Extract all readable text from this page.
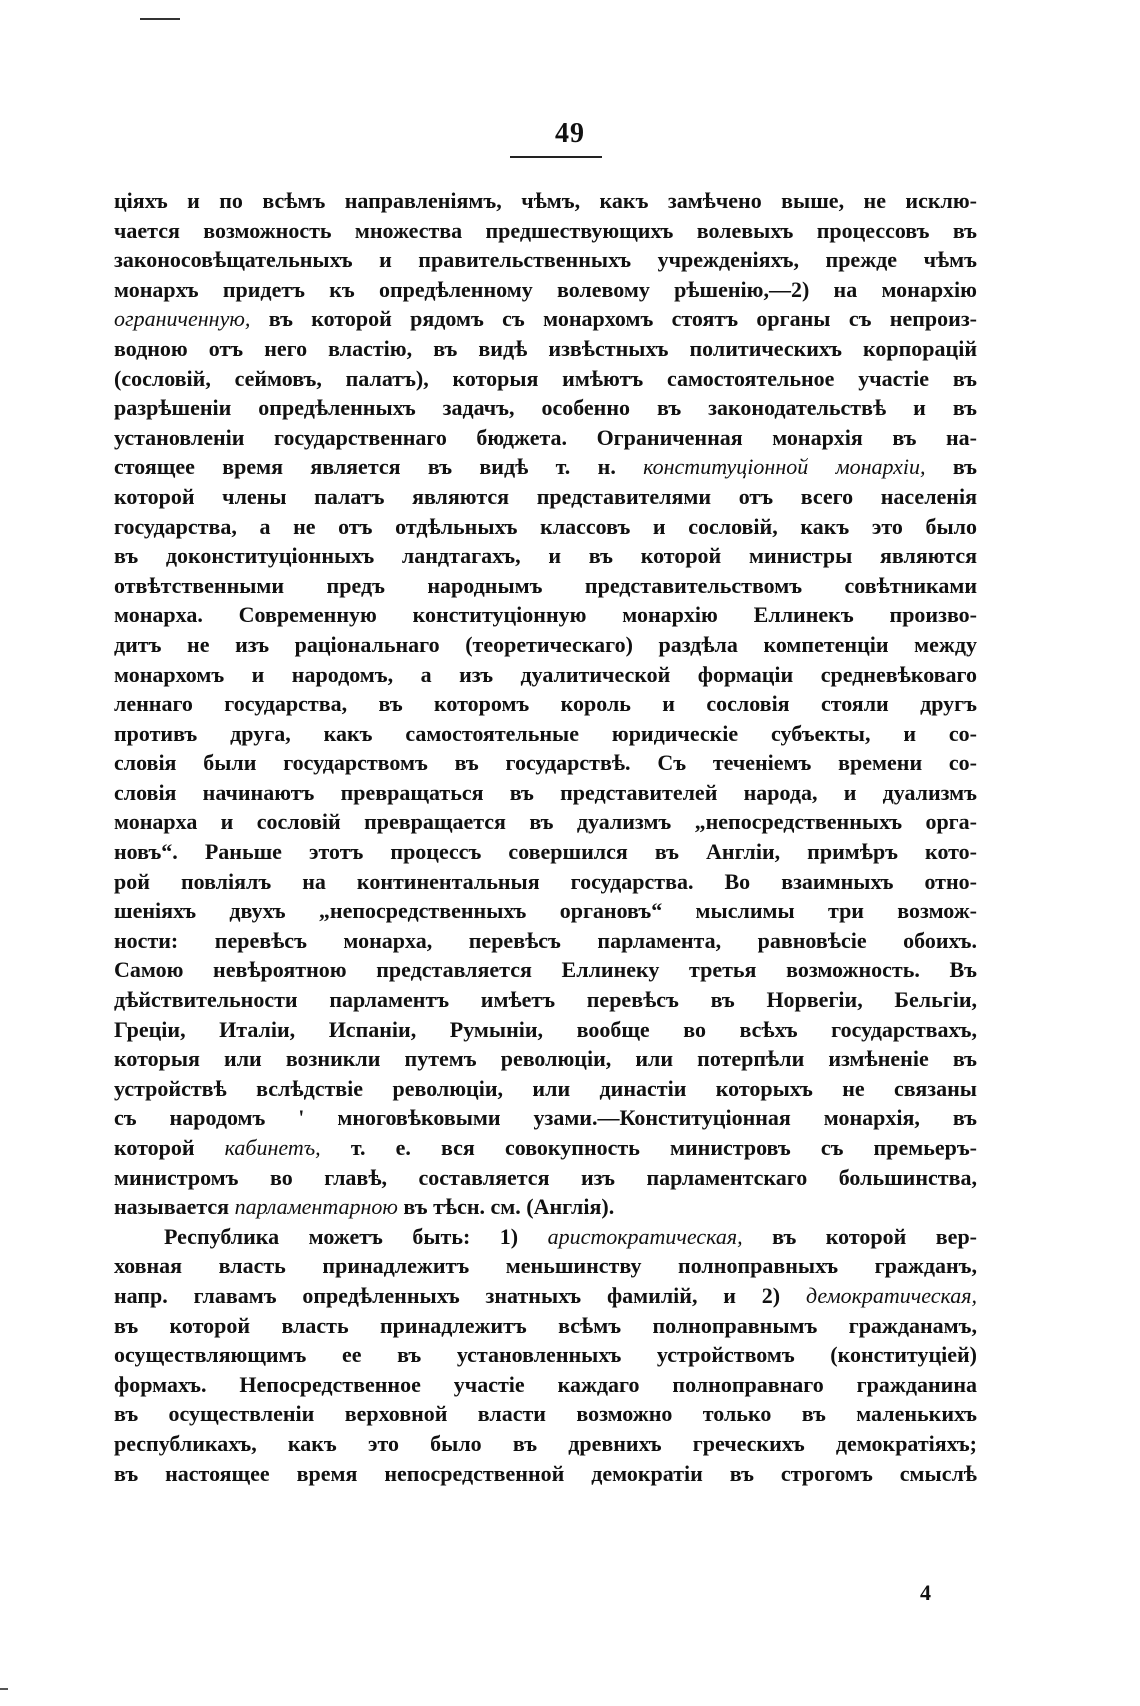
49
ціяхъ и по всѣмъ направленіямъ, чѣмъ, какъ замѣчено выше, не исклю-
чается возможность множества предшествующихъ волевыхъ процессовъ въ
законосовѣщательныхъ и правительственныхъ учрежденіяхъ, прежде чѣмъ
монархъ придетъ къ опредѣленному волевому рѣшенію,—2) на монархію
ограниченную, въ которой рядомъ съ монархомъ стоятъ органы съ непроиз-
водною отъ него властію, въ видѣ извѣстныхъ политическихъ корпорацій
(сословій, сеймовъ, палатъ), которыя имѣютъ самостоятельное участіе въ
разрѣшеніи опредѣленныхъ задачъ, особенно въ законодательствѣ и въ
установленіи государственнаго бюджета. Ограниченная монархія въ на-
стоящее время является въ видѣ т. н. конституціонной монархіи, въ
которой члены палатъ являются представителями отъ всего населенія
государства, а не отъ отдѣльныхъ классовъ и сословій, какъ это было
въ доконституціонныхъ ландтагахъ, и въ которой министры являются
отвѣтственными предъ народнымъ представительствомъ совѣтниками
монарха. Современную конституціонную монархію Еллинекъ произво-
дитъ не изъ раціональнаго (теоретическаго) раздѣла компетенціи между
монархомъ и народомъ, а изъ дуалитической формаціи средневѣковаго
леннаго государства, въ которомъ король и сословія стояли другъ
противъ друга, какъ самостоятельные юридическіе субъекты, и со-
словія были государствомъ въ государствѣ. Съ теченіемъ времени со-
словія начинаютъ превращаться въ представителей народа, и дуализмъ
монарха и сословій превращается въ дуализмъ „непосредственныхъ орга-
новъ“. Раньше этотъ процессъ совершился въ Англіи, примѣръ кото-
рой повліялъ на континентальныя государства. Во взаимныхъ отно-
шеніяхъ двухъ „непосредственныхъ органовъ“ мыслимы три возмож-
ности: перевѣсъ монарха, перевѣсъ парламента, равновѣсіе обоихъ.
Самою невѣроятною представляется Еллинеку третья возможность. Въ
дѣйствительности парламентъ имѣетъ перевѣсъ въ Норвегіи, Бельгіи,
Греціи, Италіи, Испаніи, Румыніи, вообще во всѣхъ государствахъ,
которыя или возникли путемъ революціи, или потерпѣли измѣненіе въ
устройствѣ вслѣдствіе революціи, или династіи которыхъ не связаны
съ народомъ ' многовѣковыми узами.—Конституціонная монархія, въ
которой кабинетъ, т. е. вся совокупность министровъ съ премьеръ-
министромъ во главѣ, составляется изъ парламентскаго большинства,
называется парламентарною въ тѣсн. см. (Англія).
Республика можетъ быть: 1) аристократическая, въ которой вер-
ховная власть принадлежитъ меньшинству полноправныхъ гражданъ,
напр. главамъ опредѣленныхъ знатныхъ фамилій, и 2) демократическая,
въ которой власть принадлежитъ всѣмъ полноправнымъ гражданамъ,
осуществляющимъ ее въ установленныхъ устройствомъ (конституціей)
формахъ. Непосредственное участіе каждаго полноправнаго гражданина
въ осуществленіи верховной власти возможно только въ маленькихъ
республикахъ, какъ это было въ древнихъ греческихъ демократіяхъ;
въ настоящее время непосредственной демократіи въ строгомъ смыслѣ
4
